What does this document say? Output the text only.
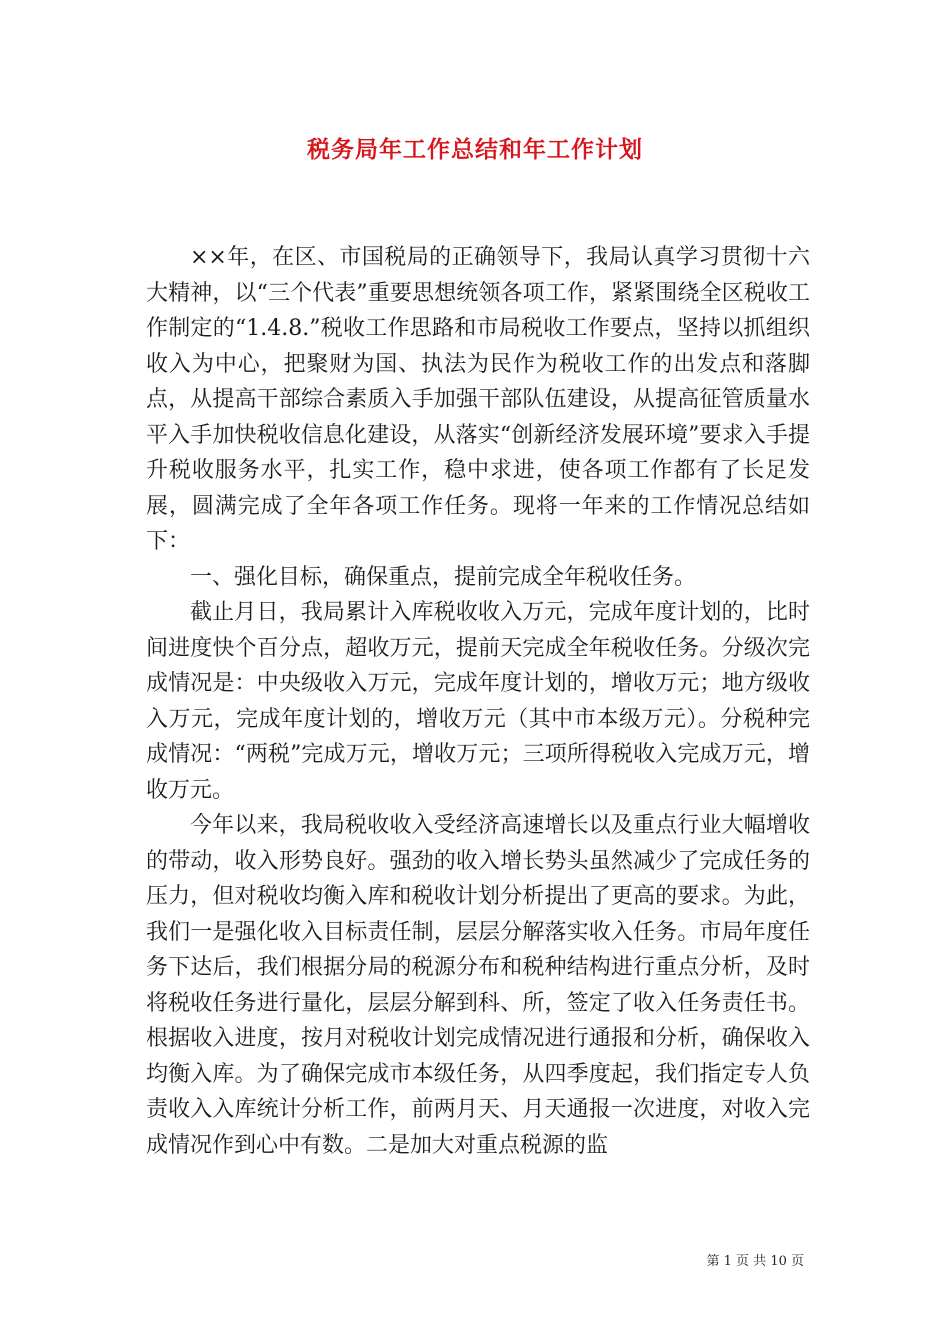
税务局年工作总结和年工作计划

××年，在区、市国税局的正确领导下，我局认真学习贯彻十六大精神，以“三个代表”重要思想统领各项工作，紧紧围绕全区税收工作制定的“1.4.8.”税收工作思路和市局税收工作要点，坚持以抓组织收入为中心，把聚财为国、执法为民作为税收工作的出发点和落脚点，从提高干部综合素质入手加强干部队伍建设，从提高征管质量水平入手加快税收信息化建设，从落实“创新经济发展环境”要求入手提升税收服务水平，扎实工作，稳中求进，使各项工作都有了长足发展，圆满完成了全年各项工作任务。现将一年来的工作情况总结如下：

一、强化目标，确保重点，提前完成全年税收任务。

截止月日，我局累计入库税收收入万元，完成年度计划的，比时间进度快个百分点，超收万元，提前天完成全年税收任务。分级次完成情况是：中央级收入万元，完成年度计划的，增收万元；地方级收入万元，完成年度计划的，增收万元（其中市本级万元）。分税种完成情况：“两税”完成万元，增收万元；三项所得税收入完成万元，增收万元。

今年以来，我局税收收入受经济高速增长以及重点行业大幅增收的带动，收入形势良好。强劲的收入增长势头虽然减少了完成任务的压力，但对税收均衡入库和税收计划分析提出了更高的要求。为此，我们一是强化收入目标责任制，层层分解落实收入任务。市局年度任务下达后，我们根据分局的税源分布和税种结构进行重点分析，及时将税收任务进行量化，层层分解到科、所，签定了收入任务责任书。根据收入进度，按月对税收计划完成情况进行通报和分析，确保收入均衡入库。为了确保完成市本级任务，从四季度起，我们指定专人负责收入入库统计分析工作，前两月天、月天通报一次进度，对收入完成情况作到心中有数。二是加大对重点税源的监

第 1 页 共 10 页
